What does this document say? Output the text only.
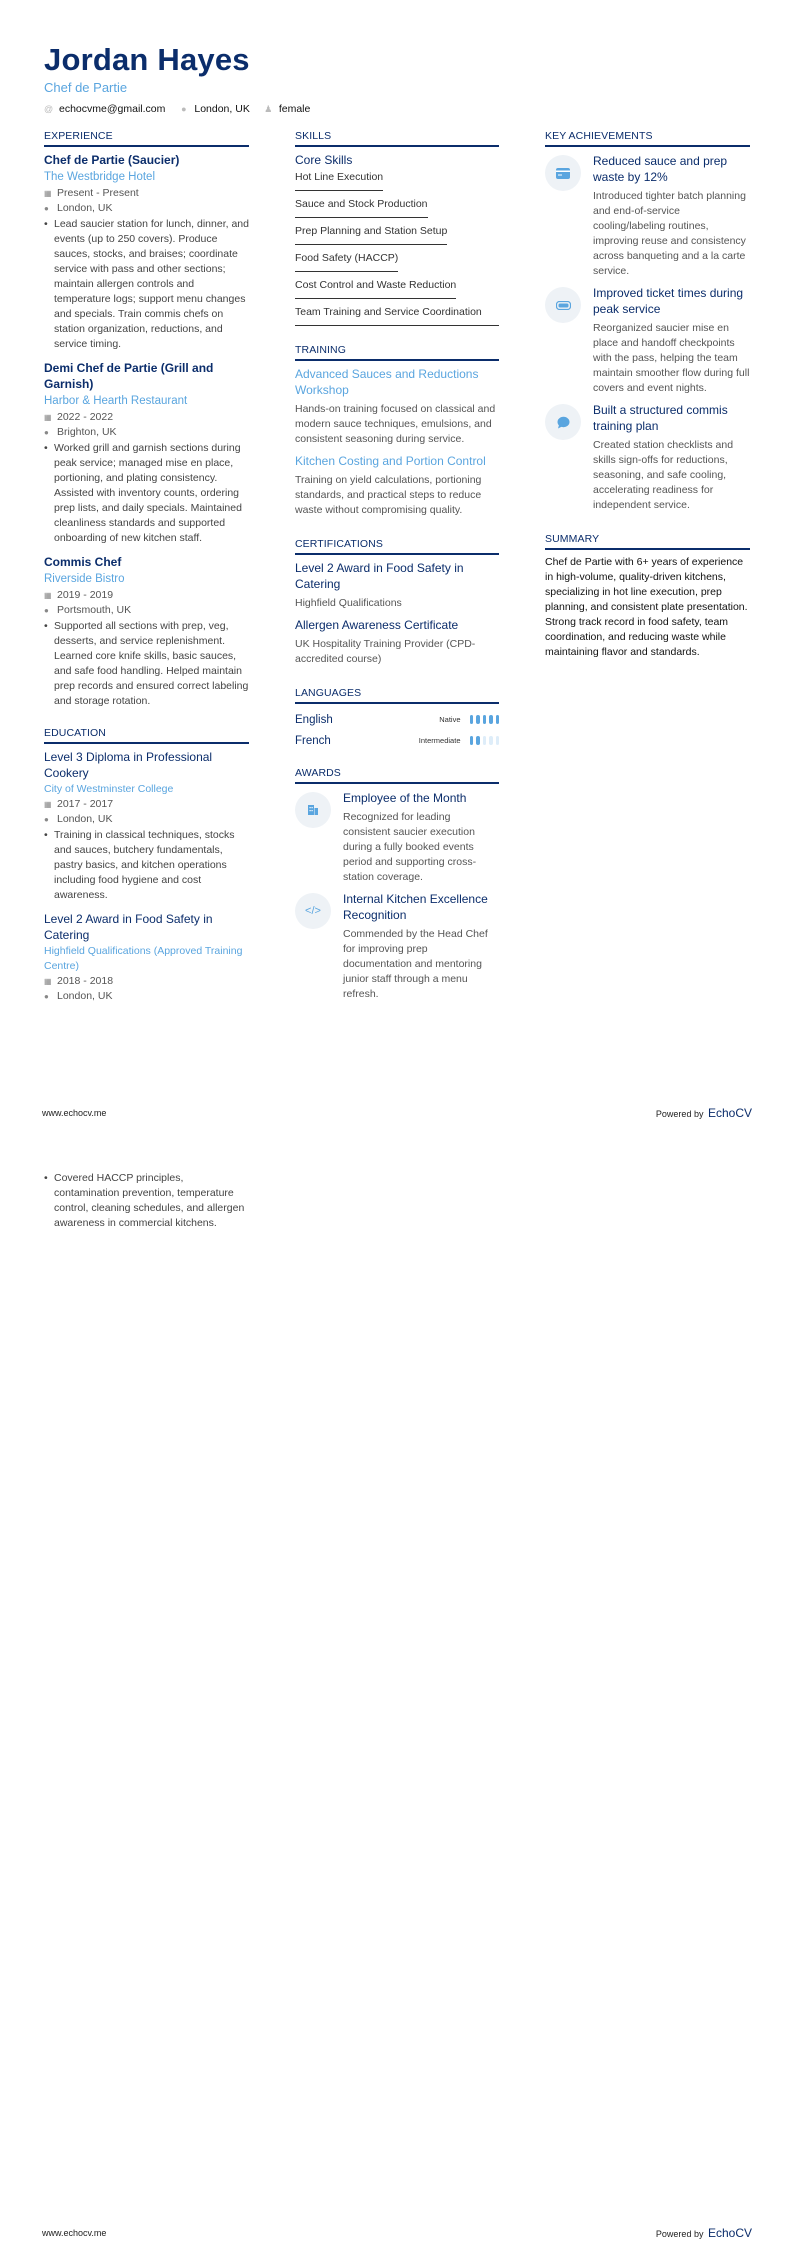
Jordan Hayes
Chef de Partie
@ echocvme@gmail.com ● London, UK ♟ female
EXPERIENCE
Chef de Partie (Saucier)
The Westbridge Hotel
▦ Present - Present
● London, UK
• Lead saucier station for lunch, dinner, and events (up to 250 covers). Produce sauces, stocks, and braises; coordinate service with pass and other sections; maintain allergen controls and temperature logs; support menu changes and specials. Train commis chefs on station organization, reductions, and service timing.
Demi Chef de Partie (Grill and Garnish)
Harbor & Hearth Restaurant
▦ 2022 - 2022
● Brighton, UK
• Worked grill and garnish sections during peak service; managed mise en place, portioning, and plating consistency. Assisted with inventory counts, ordering prep lists, and daily specials. Maintained cleanliness standards and supported onboarding of new kitchen staff.
Commis Chef
Riverside Bistro
▦ 2019 - 2019
● Portsmouth, UK
• Supported all sections with prep, veg, desserts, and service replenishment. Learned core knife skills, basic sauces, and safe food handling. Helped maintain prep records and ensured correct labeling and storage rotation.
EDUCATION
Level 3 Diploma in Professional Cookery
City of Westminster College
▦ 2017 - 2017
● London, UK
• Training in classical techniques, stocks and sauces, butchery fundamentals, pastry basics, and kitchen operations including food hygiene and cost awareness.
Level 2 Award in Food Safety in Catering
Highfield Qualifications (Approved Training Centre)
▦ 2018 - 2018
● London, UK
SKILLS
Core Skills
Hot Line Execution
Sauce and Stock Production
Prep Planning and Station Setup
Food Safety (HACCP)
Cost Control and Waste Reduction
Team Training and Service Coordination
TRAINING
Advanced Sauces and Reductions Workshop
Hands-on training focused on classical and modern sauce techniques, emulsions, and consistent seasoning during service.
Kitchen Costing and Portion Control
Training on yield calculations, portioning standards, and practical steps to reduce waste without compromising quality.
CERTIFICATIONS
Level 2 Award in Food Safety in Catering
Highfield Qualifications
Allergen Awareness Certificate
UK Hospitality Training Provider (CPD-accredited course)
LANGUAGES
English	Native
French	Intermediate
AWARDS
Employee of the Month
Recognized for leading consistent saucier execution during a fully booked events period and supporting cross-station coverage.
</>
Internal Kitchen Excellence Recognition
Commended by the Head Chef for improving prep documentation and mentoring junior staff through a menu refresh.
KEY ACHIEVEMENTS
Reduced sauce and prep waste by 12%
Introduced tighter batch planning and end-of-service cooling/labeling routines, improving reuse and consistency across banqueting and a la carte service.
Improved ticket times during peak service
Reorganized saucier mise en place and handoff checkpoints with the pass, helping the team maintain smoother flow during full covers and event nights.
Built a structured commis training plan
Created station checklists and skills sign-offs for reductions, seasoning, and safe cooling, accelerating readiness for independent service.
SUMMARY
Chef de Partie with 6+ years of experience in high-volume, quality-driven kitchens, specializing in hot line execution, prep planning, and consistent plate presentation. Strong track record in food safety, team coordination, and reducing waste while maintaining flavor and standards.
www.echocv.me	Powered by EchoCV
• Covered HACCP principles, contamination prevention, temperature control, cleaning schedules, and allergen awareness in commercial kitchens.
www.echocv.me	Powered by EchoCV
